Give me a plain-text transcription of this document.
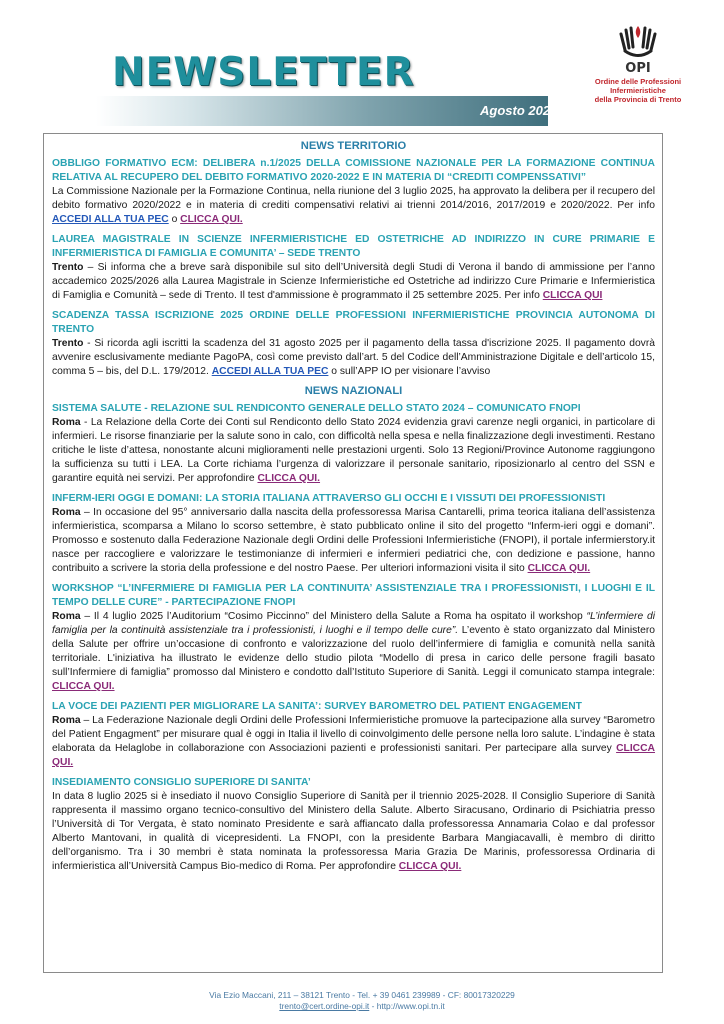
NEWSLETTER
Agosto 2025
OPI
Ordine delle Professioni
Infermieristiche
della Provincia di Trento
NEWS TERRITORIO

OBBLIGO FORMATIVO ECM: DELIBERA n.1/2025 DELLA COMISSIONE NAZIONALE PER LA FORMAZIONE CONTINUA RELATIVA AL RECUPERO DEL DEBITO FORMATIVO 2020-2022 E IN MATERIA DI “CREDITI COMPENSSATIVI”

La Commissione Nazionale per la Formazione Continua, nella riunione del 3 luglio 2025, ha approvato la delibera per il recupero del debito formativo 2020/2022 e in materia di crediti compensativi relativi ai trienni 2014/2016, 2017/2019 e 2020/2022. Per info ACCEDI ALLA TUA PEC o CLICCA QUI.

LAUREA MAGISTRALE IN SCIENZE INFERMIERISTICHE ED OSTETRICHE AD INDIRIZZO IN CURE PRIMARIE E INFERMIERISTICA DI FAMIGLIA E COMUNITA’ – SEDE TRENTO

Trento – Si informa che a breve sarà disponibile sul sito dell’Università degli Studi di Verona il bando di ammissione per l’anno accademico 2025/2026 alla Laurea Magistrale in Scienze Infermieristiche ed Ostetriche ad indirizzo Cure Primarie e Infermieristica di Famiglia e Comunità – sede di Trento. Il test d'ammissione è programmato il 25 settembre 2025. Per info CLICCA QUI

SCADENZA TASSA ISCRIZIONE 2025 ORDINE DELLE PROFESSIONI INFERMIERISTICHE PROVINCIA AUTONOMA DI TRENTO

Trento - Si ricorda agli iscritti la scadenza del 31 agosto 2025 per il pagamento della tassa d'iscrizione 2025. Il pagamento dovrà avvenire esclusivamente mediante PagoPA, così come previsto dall’art. 5 del Codice dell’Amministrazione Digitale e dell’articolo 15, comma 5 – bis, del D.L. 179/2012. ACCEDI ALLA TUA PEC o sull’APP IO per visionare l’avviso

NEWS NAZIONALI

SISTEMA SALUTE - RELAZIONE SUL RENDICONTO GENERALE DELLO STATO 2024 – COMUNICATO FNOPI

Roma - La Relazione della Corte dei Conti sul Rendiconto dello Stato 2024 evidenzia gravi carenze negli organici, in particolare di infermieri. Le risorse finanziarie per la salute sono in calo, con difficoltà nella spesa e nella finalizzazione degli investimenti. Restano critiche le liste d’attesa, nonostante alcuni miglioramenti nelle prestazioni urgenti. Solo 13 Regioni/Province Autonome raggiungono la sufficienza su tutti i LEA. La Corte richiama l’urgenza di valorizzare il personale sanitario, riposizionarlo al centro del SSN e garantire equità nei servizi. Per approfondire CLICCA QUI.

INFERM-IERI OGGI E DOMANI: LA STORIA ITALIANA ATTRAVERSO GLI OCCHI E I VISSUTI DEI PROFESSIONISTI

Roma – In occasione del 95° anniversario dalla nascita della professoressa Marisa Cantarelli, prima teorica italiana dell’assistenza infermieristica, scomparsa a Milano lo scorso settembre, è stato pubblicato online il sito del progetto “Inferm-ieri oggi e domani”. Promosso e sostenuto dalla Federazione Nazionale degli Ordini delle Professioni Infermieristiche (FNOPI), il portale infermierstory.it nasce per raccogliere e valorizzare le testimonianze di infermieri e infermieri pediatrici che, con dedizione e passione, hanno contribuito a scrivere la storia della professione e del nostro Paese. Per ulteriori informazioni visita il sito CLICCA QUI.

WORKSHOP “L’INFERMIERE DI FAMIGLIA PER LA CONTINUITA’ ASSISTENZIALE TRA I PROFESSIONISTI, I LUOGHI E IL TEMPO DELLE CURE” - PARTECIPAZIONE FNOPI

Roma – Il 4 luglio 2025 l’Auditorium “Cosimo Piccinno” del Ministero della Salute a Roma ha ospitato il workshop “L’infermiere di famiglia per la continuità assistenziale tra i professionisti, i luoghi e il tempo delle cure”. L’evento è stato organizzato dal Ministero della Salute per offrire un’occasione di confronto e valorizzazione del ruolo dell’infermiere di famiglia e comunità nella sanità territoriale. L'iniziativa ha illustrato le evidenze dello studio pilota “Modello di presa in carico delle persone fragili basato sull’Infermiere di famiglia” promosso dal Ministero e condotto dall’Istituto Superiore di Sanità. Leggi il comunicato stampa integrale: CLICCA QUI.

LA VOCE DEI PAZIENTI PER MIGLIORARE LA SANITA’: SURVEY BAROMETRO DEL PATIENT ENGAGEMENT

Roma – La Federazione Nazionale degli Ordini delle Professioni Infermieristiche promuove la partecipazione alla survey “Barometro del Patient Engagment” per misurare qual è oggi in Italia il livello di coinvolgimento delle persone nella loro salute. L’indagine è stata elaborata da Helaglobe in collaborazione con Associazioni pazienti e professionisti sanitari. Per partecipare alla survey CLICCA QUI.

INSEDIAMENTO CONSIGLIO SUPERIORE DI SANITA’

In data 8 luglio 2025 si è insediato il nuovo Consiglio Superiore di Sanità per il triennio 2025-2028. Il Consiglio Superiore di Sanità rappresenta il massimo organo tecnico-consultivo del Ministero della Salute. Alberto Siracusano, Ordinario di Psichiatria presso l’Università di Tor Vergata, è stato nominato Presidente e sarà affiancato dalla professoressa Annamaria Colao e dal professor Alberto Mantovani, in qualità di vicepresidenti. La FNOPI, con la presidente Barbara Mangiacavalli, è membro di diritto dell’organismo. Tra i 30 membri è stata nominata la professoressa Maria Grazia De Marinis, professoressa Ordinaria di infermieristica all’Università Campus Bio-medico di Roma. Per approfondire CLICCA QUI.

Via Ezio Maccani, 211 – 38121 Trento - Tel. + 39 0461 239989 - CF: 80017320229
trento@cert.ordine-opi.it - http://www.opi.tn.it
